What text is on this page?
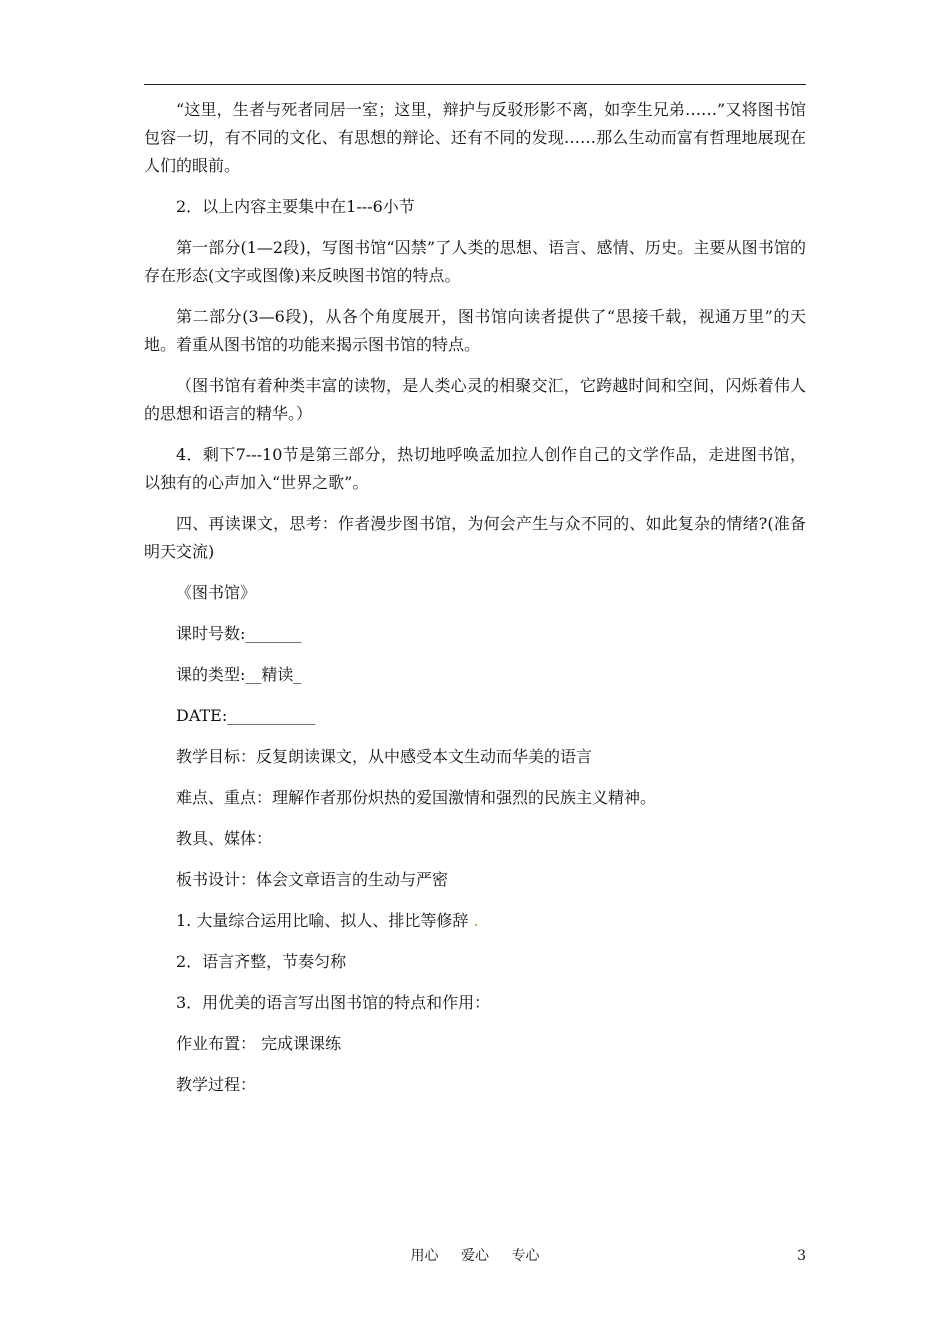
“这里，生者与死者同居一室；这里，辩护与反驳形影不离，如孪生兄弟……”又将图书馆包容一切，有不同的文化、有思想的辩论、还有不同的发现……那么生动而富有哲理地展现在人们的眼前。

2．以上内容主要集中在1---6小节

第一部分(1—2段)，写图书馆“囚禁”了人类的思想、语言、感情、历史。主要从图书馆的存在形态(文字或图像)来反映图书馆的特点。

第二部分(3—6段)，从各个角度展开，图书馆向读者提供了“思接千载，视通万里”的天地。着重从图书馆的功能来揭示图书馆的特点。

（图书馆有着种类丰富的读物，是人类心灵的相聚交汇，它跨越时间和空间，闪烁着伟人的思想和语言的精华。）

4．剩下7---10节是第三部分，热切地呼唤孟加拉人创作自己的文学作品，走进图书馆，以独有的心声加入“世界之歌”。

四、再读课文，思考：作者漫步图书馆，为何会产生与众不同的、如此复杂的情绪?(准备明天交流)

《图书馆》

课时号数:_______

课的类型:__精读_

DATE:___________

教学目标：反复朗读课文，从中感受本文生动而华美的语言

难点、重点：理解作者那份炽热的爱国激情和强烈的民族主义精神。

教具、媒体：

板书设计：体会文章语言的生动与严密

1. 大量综合运用比喻、拟人、排比等修辞 .

2．语言齐整，节奏匀称

3．用优美的语言写出图书馆的特点和作用：

作业布置： 完成课课练

教学过程：

用心 爱心 专心	3
